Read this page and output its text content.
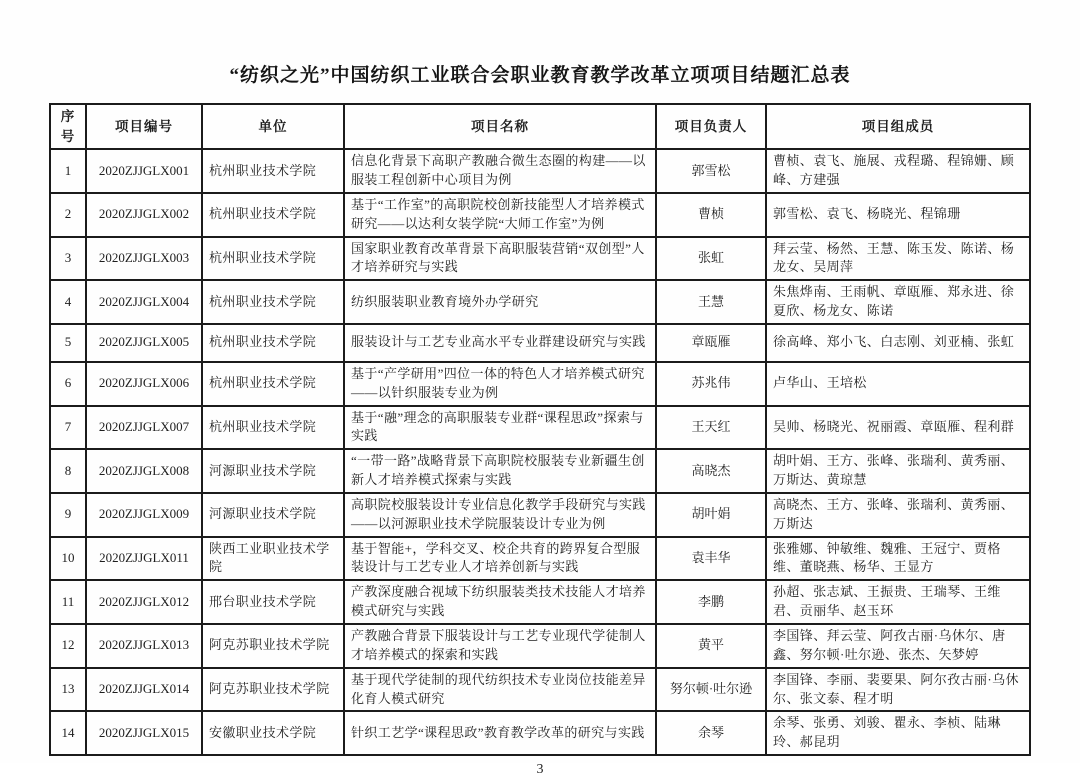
“纺织之光”中国纺织工业联合会职业教育教学改革立项项目结题汇总表
序号	项目编号	单位	项目名称	项目负责人	项目组成员
1	2020ZJJGLX001	杭州职业技术学院	信息化背景下高职产教融合微生态圈的构建——以服装工程创新中心项目为例	郭雪松	曹桢、袁飞、施展、戎程璐、程锦姗、顾峰、方建强
2	2020ZJJGLX002	杭州职业技术学院	基于“工作室”的高职院校创新技能型人才培养模式研究——以达利女装学院“大师工作室”为例	曹桢	郭雪松、袁飞、杨晓光、程锦珊
3	2020ZJJGLX003	杭州职业技术学院	国家职业教育改革背景下高职服装营销“双创型”人才培养研究与实践	张虹	拜云莹、杨然、王慧、陈玉发、陈诺、杨龙女、吴周萍
4	2020ZJJGLX004	杭州职业技术学院	纺织服装职业教育境外办学研究	王慧	朱焦烨南、王雨帆、章瓯雁、郑永进、徐夏欣、杨龙女、陈诺
5	2020ZJJGLX005	杭州职业技术学院	服装设计与工艺专业高水平专业群建设研究与实践	章瓯雁	徐高峰、郑小飞、白志刚、刘亚楠、张虹
6	2020ZJJGLX006	杭州职业技术学院	基于“产学研用”四位一体的特色人才培养模式研究——以针织服装专业为例	苏兆伟	卢华山、王培松
7	2020ZJJGLX007	杭州职业技术学院	基于“融”理念的高职服装专业群“课程思政”探索与实践	王天红	吴帅、杨晓光、祝丽霞、章瓯雁、程利群
8	2020ZJJGLX008	河源职业技术学院	“一带一路”战略背景下高职院校服装专业新疆生创新人才培养模式探索与实践	高晓杰	胡叶娟、王方、张峰、张瑞利、黄秀丽、万斯达、黄琼慧
9	2020ZJJGLX009	河源职业技术学院	高职院校服装设计专业信息化教学手段研究与实践——以河源职业技术学院服装设计专业为例	胡叶娟	高晓杰、王方、张峰、张瑞利、黄秀丽、万斯达
10	2020ZJJGLX011	陕西工业职业技术学院	基于智能+，学科交叉、校企共育的跨界复合型服装设计与工艺专业人才培养创新与实践	袁丰华	张雅娜、钟敏维、魏雅、王冠宁、贾格维、董晓燕、杨华、王显方
11	2020ZJJGLX012	邢台职业技术学院	产教深度融合视域下纺织服装类技术技能人才培养模式研究与实践	李鹏	孙超、张志斌、王振贵、王瑞琴、王维君、贡丽华、赵玉环
12	2020ZJJGLX013	阿克苏职业技术学院	产教融合背景下服装设计与工艺专业现代学徒制人才培养模式的探索和实践	黄平	李国锋、拜云莹、阿孜古丽·乌休尔、唐鑫、努尔顿·吐尔逊、张杰、矢梦婷
13	2020ZJJGLX014	阿克苏职业技术学院	基于现代学徒制的现代纺织技术专业岗位技能差异化育人模式研究	努尔顿·吐尔逊	李国锋、李丽、裴要果、阿尔孜古丽·乌休尔、张文泰、程才明
14	2020ZJJGLX015	安徽职业技术学院	针织工艺学“课程思政”教育教学改革的研究与实践	余琴	余琴、张勇、刘骏、瞿永、李桢、陆琳玲、郝昆玥
3
